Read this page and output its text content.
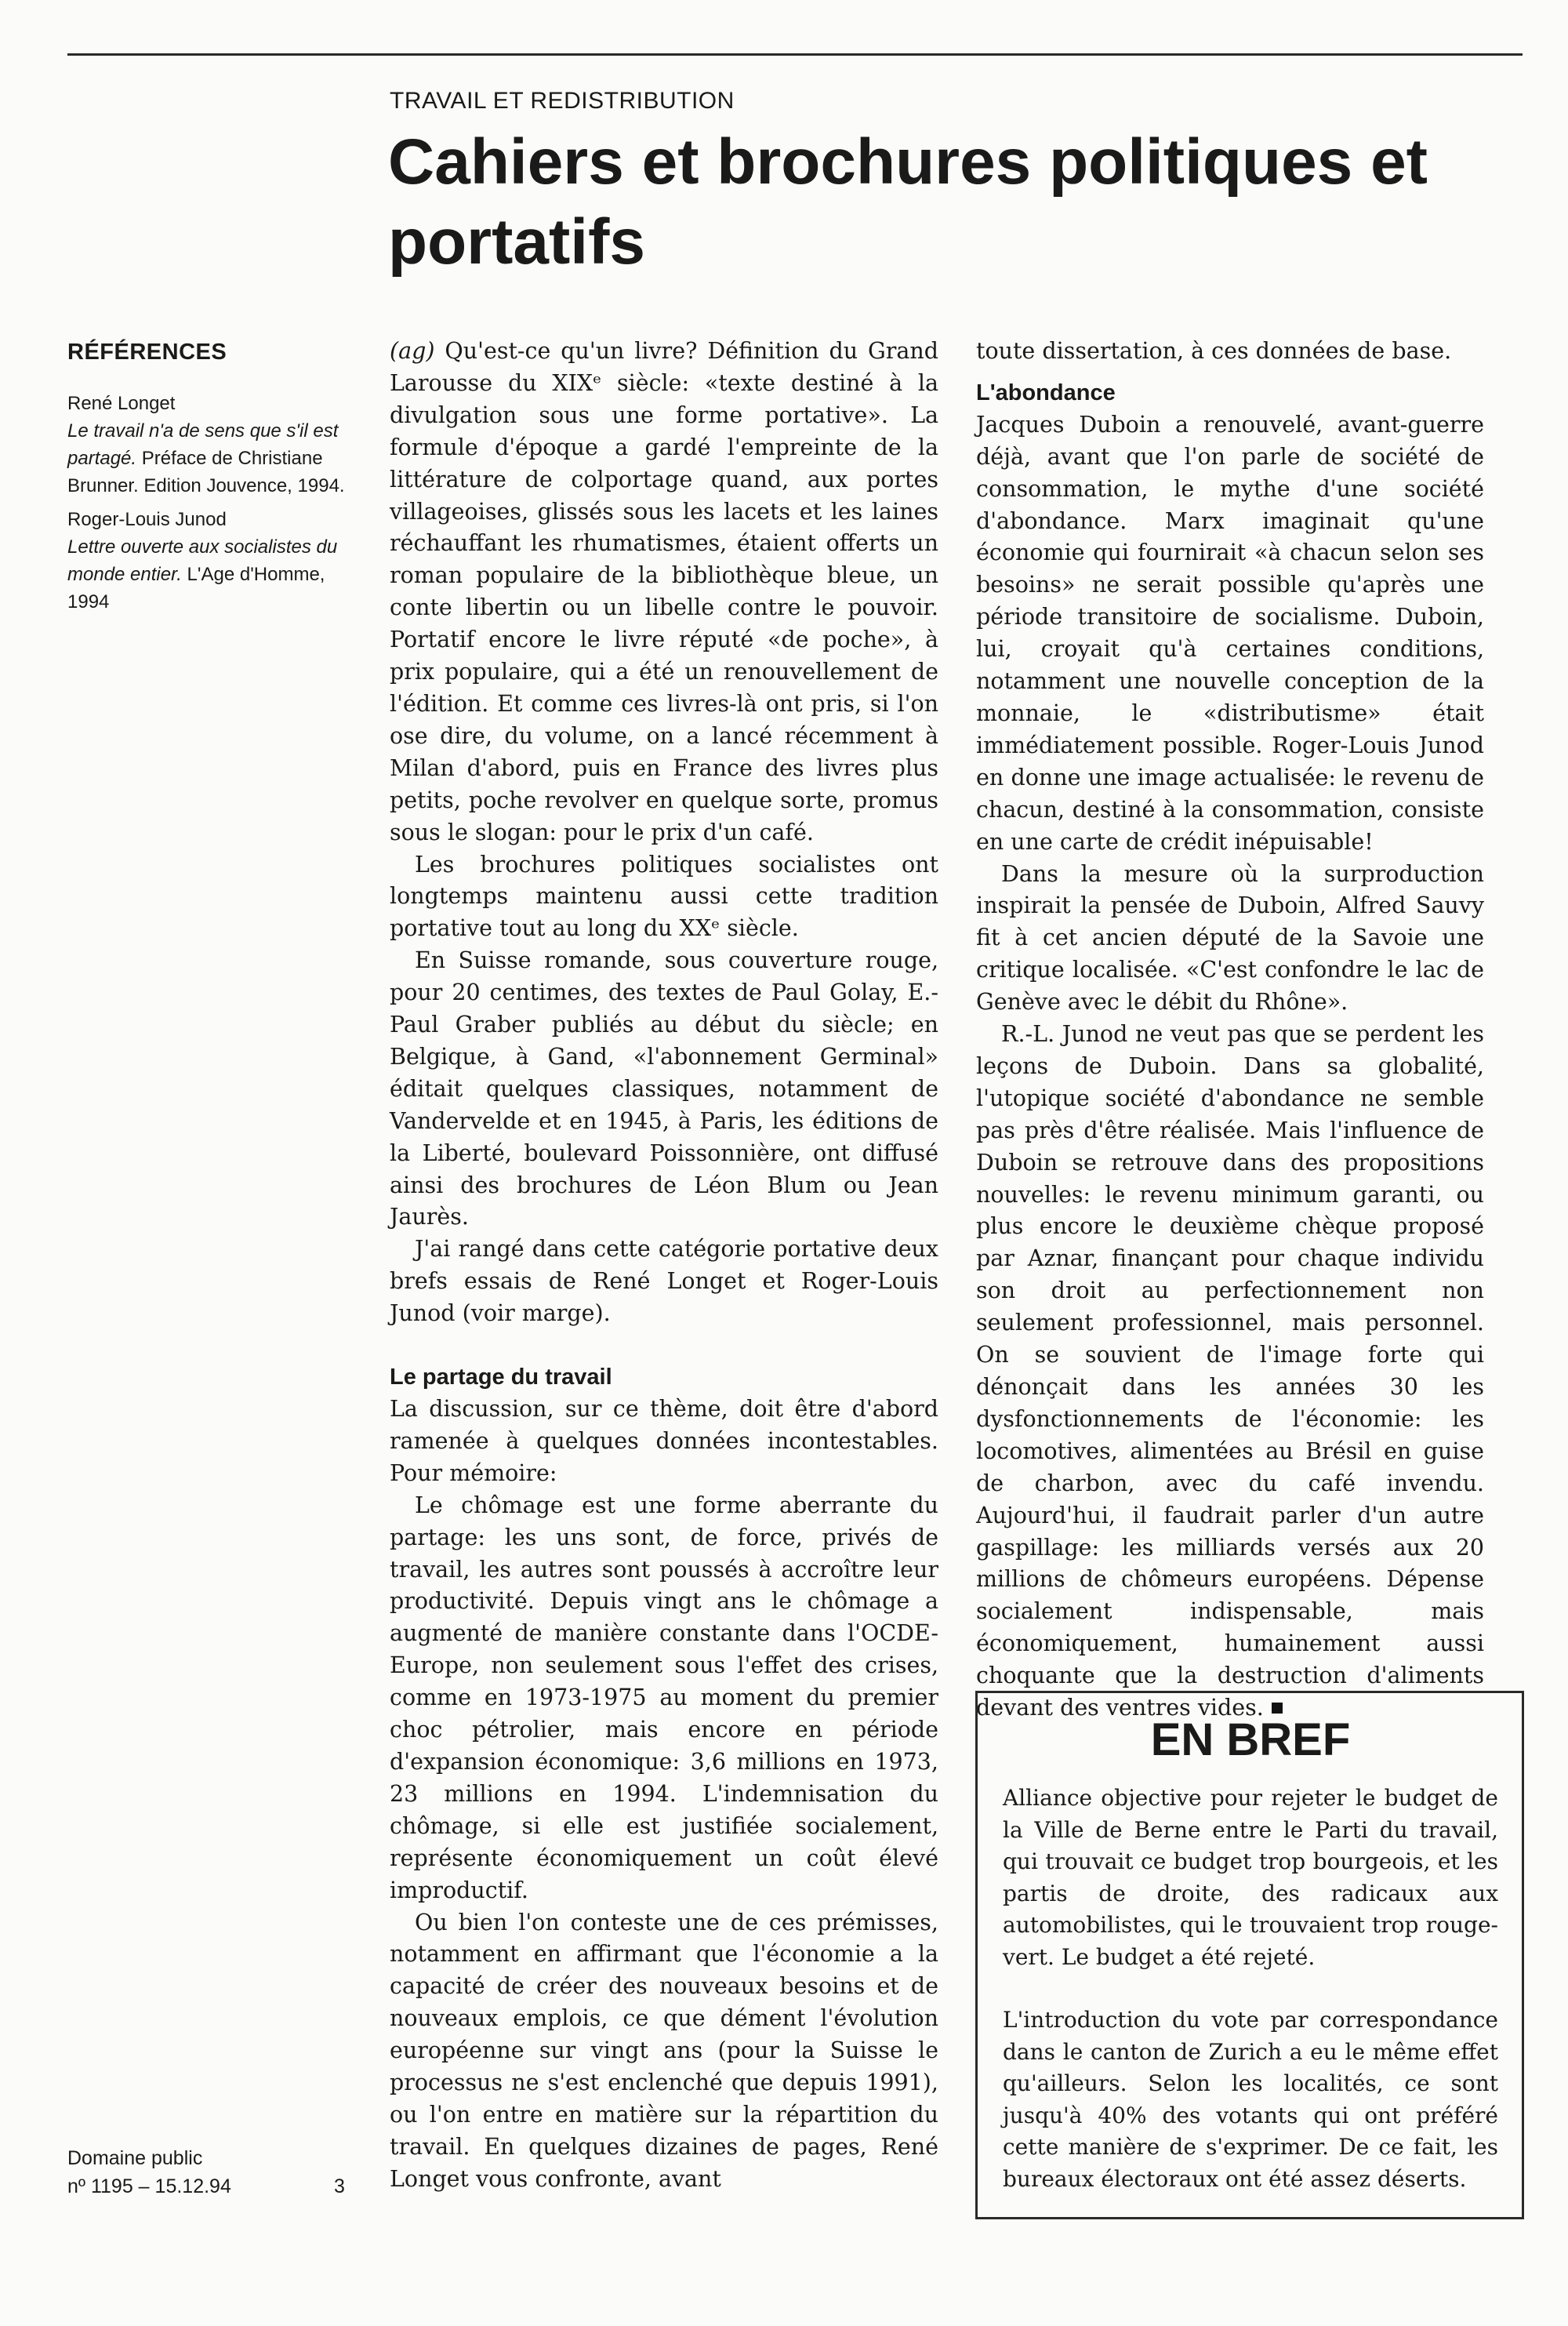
TRAVAIL ET REDISTRIBUTION
Cahiers et brochures politiques et portatifs
RÉFÉRENCES
René Longet
Le travail n'a de sens que s'il est partagé. Préface de Christiane Brunner. Edition Jouvence, 1994.
Roger-Louis Junod
Lettre ouverte aux socialistes du monde entier. L'Age d'Homme, 1994
Domaine public
nº 1195 – 15.12.94	3

(ag) Qu'est-ce qu'un livre? Définition du Grand Larousse du XIXᵉ siècle: «texte destiné à la divulgation sous une forme portative». La formule d'époque a gardé l'empreinte de la littérature de colportage quand, aux portes villageoises, glissés sous les lacets et les laines réchauffant les rhumatismes, étaient offerts un roman populaire de la bibliothèque bleue, un conte libertin ou un libelle contre le pouvoir. Portatif encore le livre réputé «de poche», à prix populaire, qui a été un renouvellement de l'édition. Et comme ces livres-là ont pris, si l'on ose dire, du volume, on a lancé récemment à Milan d'abord, puis en France des livres plus petits, poche revolver en quelque sorte, promus sous le slogan: pour le prix d'un café.

Les brochures politiques socialistes ont longtemps maintenu aussi cette tradition portative tout au long du XXᵉ siècle.

En Suisse romande, sous couverture rouge, pour 20 centimes, des textes de Paul Golay, E.-Paul Graber publiés au début du siècle; en Belgique, à Gand, «l'abonnement Germinal» éditait quelques classiques, notamment de Vandervelde et en 1945, à Paris, les éditions de la Liberté, boulevard Poissonnière, ont diffusé ainsi des brochures de Léon Blum ou Jean Jaurès.

J'ai rangé dans cette catégorie portative deux brefs essais de René Longet et Roger-Louis Junod (voir marge).

Le partage du travail

La discussion, sur ce thème, doit être d'abord ramenée à quelques données incontestables. Pour mémoire:

Le chômage est une forme aberrante du partage: les uns sont, de force, privés de travail, les autres sont poussés à accroître leur productivité. Depuis vingt ans le chômage a augmenté de manière constante dans l'OCDE-Europe, non seulement sous l'effet des crises, comme en 1973-1975 au moment du premier choc pétrolier, mais encore en période d'expansion économique: 3,6 millions en 1973, 23 millions en 1994. L'indemnisation du chômage, si elle est justifiée socialement, représente économiquement un coût élevé improductif.

Ou bien l'on conteste une de ces prémisses, notamment en affirmant que l'économie a la capacité de créer des nouveaux besoins et de nouveaux emplois, ce que dément l'évolution européenne sur vingt ans (pour la Suisse le processus ne s'est enclenché que depuis 1991), ou l'on entre en matière sur la répartition du travail. En quelques dizaines de pages, René Longet vous confronte, avant

toute dissertation, à ces données de base.

L'abondance

Jacques Duboin a renouvelé, avant-guerre déjà, avant que l'on parle de société de consommation, le mythe d'une société d'abondance. Marx imaginait qu'une économie qui fournirait «à chacun selon ses besoins» ne serait possible qu'après une période transitoire de socialisme. Duboin, lui, croyait qu'à certaines conditions, notamment une nouvelle conception de la monnaie, le «distributisme» était immédiatement possible. Roger-Louis Junod en donne une image actualisée: le revenu de chacun, destiné à la consommation, consiste en une carte de crédit inépuisable!

Dans la mesure où la surproduction inspirait la pensée de Duboin, Alfred Sauvy fit à cet ancien député de la Savoie une critique localisée. «C'est confondre le lac de Genève avec le débit du Rhône».

R.-L. Junod ne veut pas que se perdent les leçons de Duboin. Dans sa globalité, l'utopique société d'abondance ne semble pas près d'être réalisée. Mais l'influence de Duboin se retrouve dans des propositions nouvelles: le revenu minimum garanti, ou plus encore le deuxième chèque proposé par Aznar, finançant pour chaque individu son droit au perfectionnement non seulement professionnel, mais personnel. On se souvient de l'image forte qui dénonçait dans les années 30 les dysfonctionnements de l'économie: les locomotives, alimentées au Brésil en guise de charbon, avec du café invendu. Aujourd'hui, il faudrait parler d'un autre gaspillage: les milliards versés aux 20 millions de chômeurs européens. Dépense socialement indispensable, mais économiquement, humainement aussi choquante que la destruction d'aliments devant des ventres vides.

EN BREF

Alliance objective pour rejeter le budget de la Ville de Berne entre le Parti du travail, qui trouvait ce budget trop bourgeois, et les partis de droite, des radicaux aux automobilistes, qui le trouvaient trop rouge-vert. Le budget a été rejeté.

L'introduction du vote par correspondance dans le canton de Zurich a eu le même effet qu'ailleurs. Selon les localités, ce sont jusqu'à 40% des votants qui ont préféré cette manière de s'exprimer. De ce fait, les bureaux électoraux ont été assez déserts.
